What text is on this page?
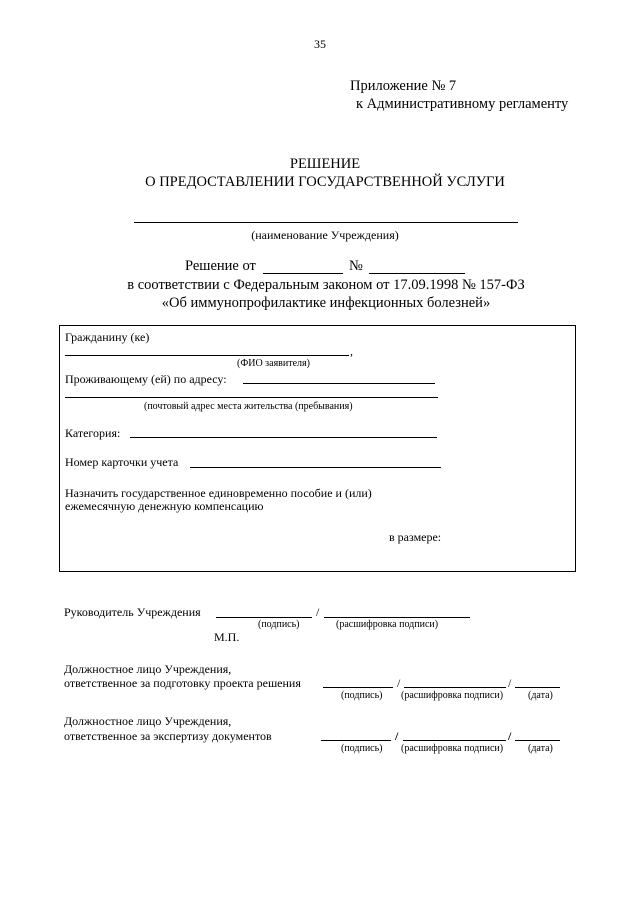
35
Приложение № 7
к Административному регламенту
РЕШЕНИЕ
О ПРЕДОСТАВЛЕНИИ ГОСУДАРСТВЕННОЙ УСЛУГИ
(наименование Учреждения)
Решение от	№
в соответствии с Федеральным законом от 17.09.1998 № 157-ФЗ
«Об иммунопрофилактике инфекционных болезней»
Гражданину (ке)
,
(ФИО заявителя)
Проживающему (ей) по адресу:
(почтовый адрес места жительства (пребывания)
Категория:
Номер карточки учета
Назначить государственное единовременно пособие и (или)
ежемесячную денежную компенсацию
в размере:
Руководитель Учреждения	/
(подпись)	(расшифровка подписи)
М.П.
Должностное лицо Учреждения,
ответственное за подготовку проекта решения	/	/
(подпись) (расшифровка подписи) (дата)
Должностное лицо Учреждения,
ответственное за экспертизу документов	/	/
(подпись) (расшифровка подписи) (дата)
